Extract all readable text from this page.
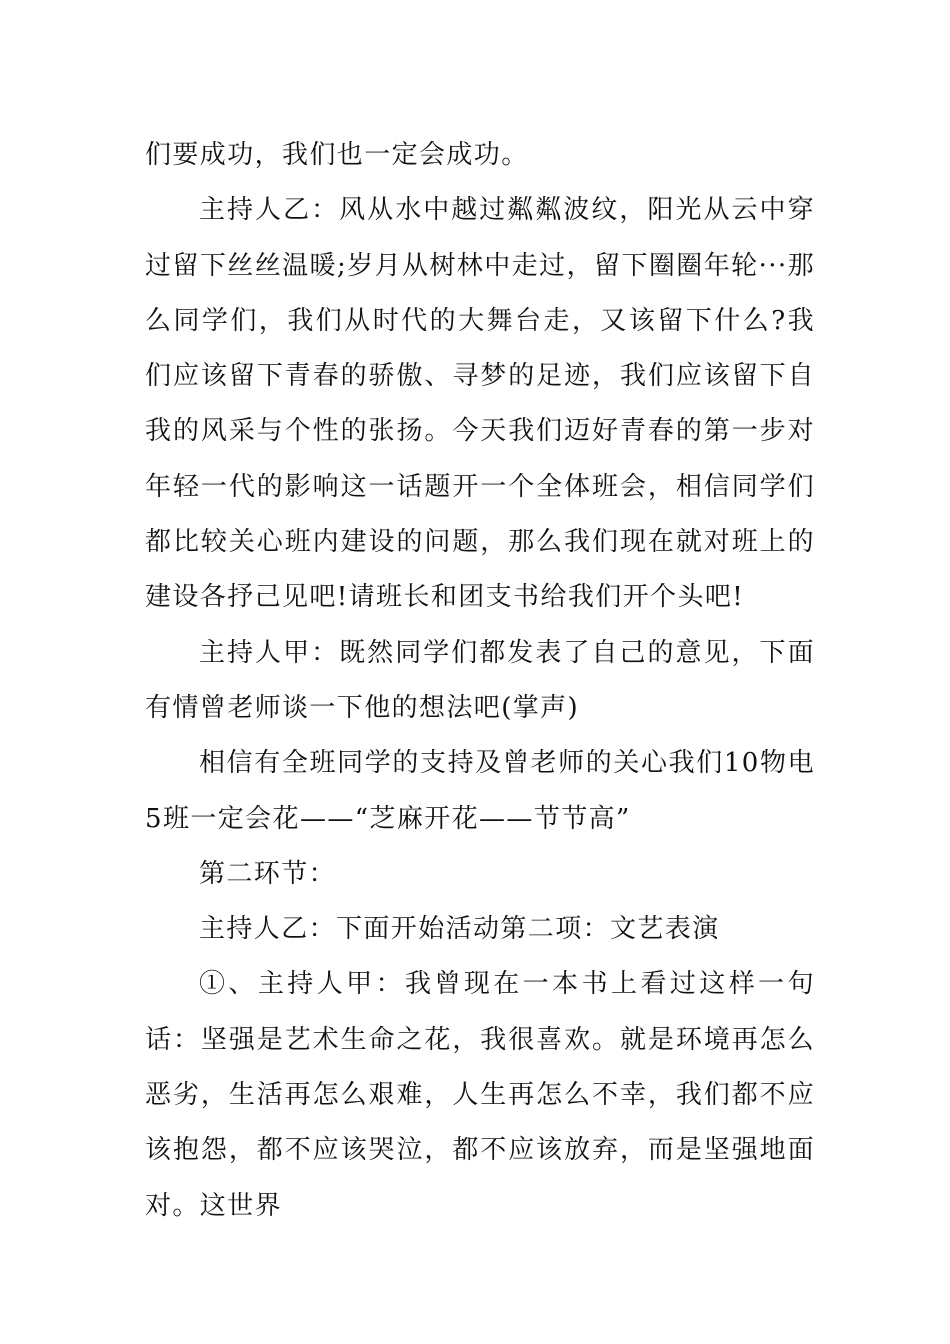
们要成功，我们也一定会成功。

主持人乙：风从水中越过粼粼波纹，阳光从云中穿过留下丝丝温暖;岁月从树林中走过，留下圈圈年轮···那么同学们，我们从时代的大舞台走，又该留下什么?我们应该留下青春的骄傲、寻梦的足迹，我们应该留下自我的风采与个性的张扬。今天我们迈好青春的第一步对年轻一代的影响这一话题开一个全体班会，相信同学们都比较关心班内建设的问题，那么我们现在就对班上的建设各抒己见吧!请班长和团支书给我们开个头吧!

主持人甲：既然同学们都发表了自己的意见，下面有情曾老师谈一下他的想法吧(掌声)

相信有全班同学的支持及曾老师的关心我们10物电5班一定会花——“芝麻开花——节节高”

第二环节：

主持人乙：下面开始活动第二项：文艺表演

①、主持人甲：我曾现在一本书上看过这样一句话：坚强是艺术生命之花，我很喜欢。就是环境再怎么恶劣，生活再怎么艰难，人生再怎么不幸，我们都不应该抱怨，都不应该哭泣，都不应该放弃，而是坚强地面对。这世界
